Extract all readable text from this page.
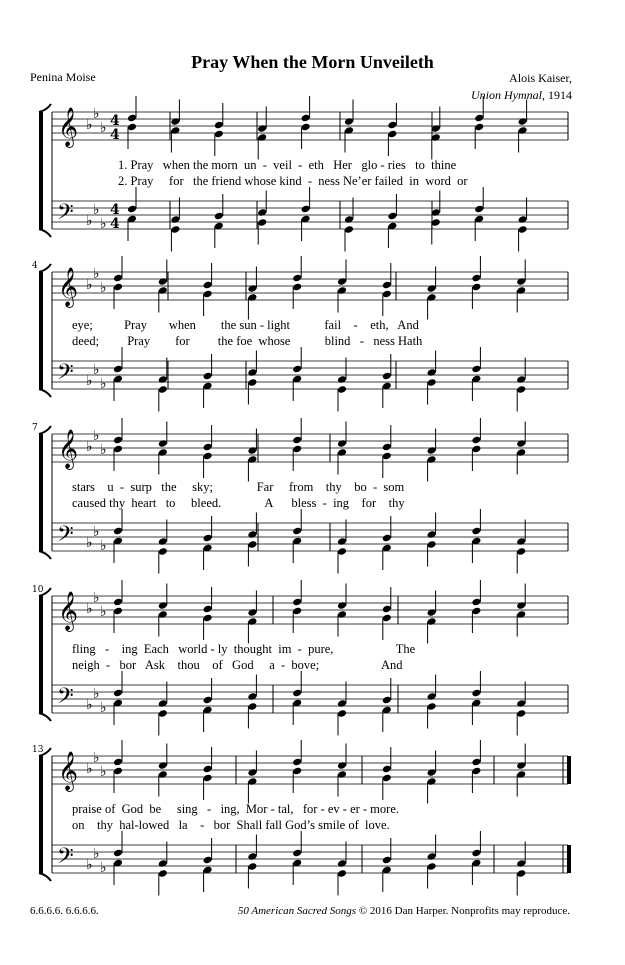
Pray When the Morn Unveileth
Penina Moise	Alois Kaiser,
Union Hymnal, 1914
𝄞 ♭
♭
♭ 4
4
𝄢 ♭
♭
♭
4
4
𝄞 ♭
♭
♭
𝄢 ♭
♭
♭
4
𝄞 ♭
♭
♭
𝄢 ♭
♭
♭
7
𝄞 ♭
♭
♭
𝄢 ♭
♭
♭
10
𝄞 ♭
♭
♭
𝄢 ♭
♭
♭
13
1. Pray   when the morn  un  -  veil  -  eth   Her   glo - ries   to  thine
2. Pray     for   the friend whose kind  -  ness Ne’er failed  in  word  or
eye;          Pray       when        the sun - light           fail    -    eth,   And
deed;         Pray        for         the foe  whose           blind   -   ness Hath
stars    u  -  surp   the     sky;              Far     from    thy    bo  -  som
caused thy  heart   to     bleed.              A      bless  -  ing    for    thy
fling   -    ing  Each   world - ly  thought  im  -  pure,                    The
neigh  -   bor   Ask    thou    of   God     a  -  bove;                    And
praise of  God  be     sing   -   ing,  Mor - tal,   for - ev - er - more.
on    thy  hal-lowed   la    -   bor  Shall fall God’s smile of  love.
6.6.6.6. 6.6.6.6.	50 American Sacred Songs © 2016 Dan Harper. Nonprofits may reproduce.
